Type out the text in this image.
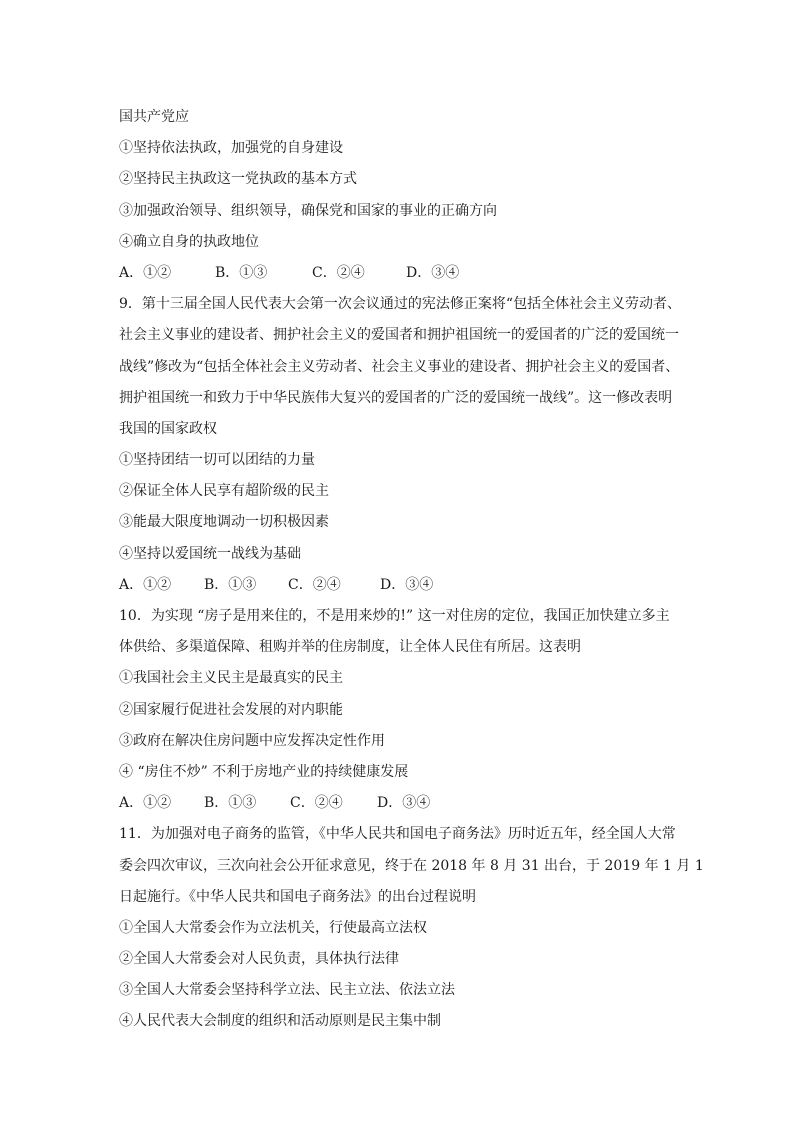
国共产党应
①坚持依法执政，加强党的自身建设
②坚持民主执政这一党执政的基本方式
③加强政治领导、组织领导，确保党和国家的事业的正确方向
④确立自身的执政地位
A．①②	B．①③	C．②④	D．③④
9．第十三届全国人民代表大会第一次会议通过的宪法修正案将“包括全体社会主义劳动者、
社会主义事业的建设者、拥护社会主义的爱国者和拥护祖国统一的爱国者的广泛的爱国统一
战线”修改为“包括全体社会主义劳动者、社会主义事业的建设者、拥护社会主义的爱国者、
拥护祖国统一和致力于中华民族伟大复兴的爱国者的广泛的爱国统一战线”。这一修改表明
我国的国家政权
①坚持团结一切可以团结的力量
②保证全体人民享有超阶级的民主
③能最大限度地调动一切积极因素
④坚持以爱国统一战线为基础
A．①② B．①③ C．②④	D．③④
10．为实现 “房子是用来住的，不是用来炒的!” 这一对住房的定位，我国正加快建立多主
体供给、多渠道保障、租购并举的住房制度，让全体人民住有所居。这表明
①我国社会主义民主是最真实的民主
②国家履行促进社会发展的对内职能
③政府在解决住房问题中应发挥决定性作用
④ “房住不炒” 不利于房地产业的持续健康发展
A．①② B．①③ C．②④ D．③④
11．为加强对电子商务的监管，《中华人民共和国电子商务法》历时近五年，经全国人大常
委会四次审议，三次向社会公开征求意见，终于在 2018 年 8 月 31 出台，于 2019 年 1 月 1
日起施行。《中华人民共和国电子商务法》的出台过程说明
①全国人大常委会作为立法机关，行使最高立法权
②全国人大常委会对人民负责，具体执行法律
③全国人大常委会坚持科学立法、民主立法、依法立法
④人民代表大会制度的组织和活动原则是民主集中制
